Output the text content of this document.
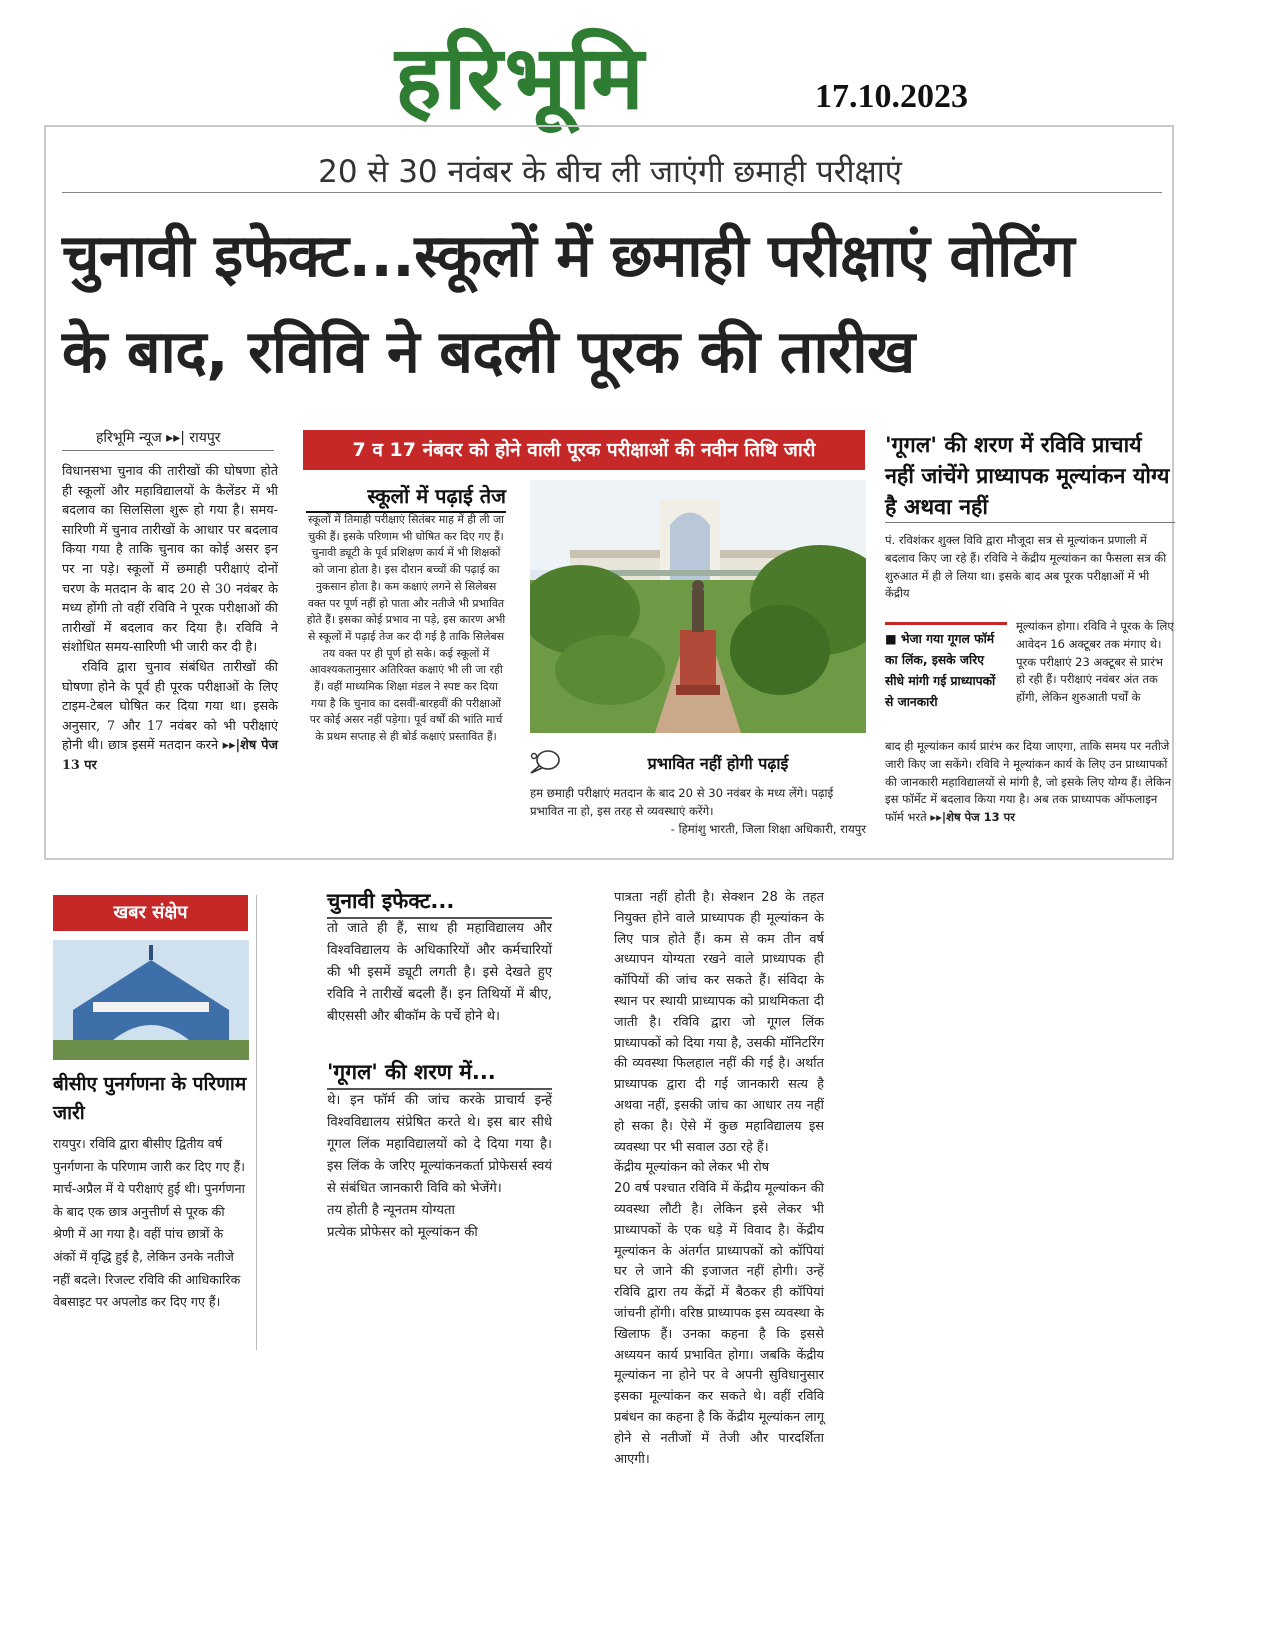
हरिभूमि	17.10.2023
20 से 30 नवंबर के बीच ली जाएंगी छमाही परीक्षाएं
चुनावी इफेक्ट...स्कूलों में छमाही परीक्षाएं वोटिंग
के बाद, रविवि ने बदली पूरक की तारीख
हरिभूमि न्यूज ▸▸| रायपुर
विधानसभा चुनाव की तारीखों की घोषणा होते ही स्कूलों और महाविद्यालयों के कैलेंडर में भी बदलाव का सिलसिला शुरू हो गया है। समय-सारिणी में चुनाव तारीखों के आधार पर बदलाव किया गया है ताकि चुनाव का कोई असर इन पर ना पड़े। स्कूलों में छमाही परीक्षाएं दोनों चरण के मतदान के बाद 20 से 30 नवंबर के मध्य होंगी तो वहीं रविवि ने पूरक परीक्षाओं की तारीखों में बदलाव कर दिया है। रविवि ने संशोधित समय-सारिणी भी जारी कर दी है।
रविवि द्वारा चुनाव संबंधित तारीखों की घोषणा होने के पूर्व ही पूरक परीक्षाओं के लिए टाइम-टेबल घोषित कर दिया गया था। इसके अनुसार, 7 और 17 नवंबर को भी परीक्षाएं होनी थी। छात्र इसमें मतदान करने ▸▸|शेष पेज 13 पर
7 व 17 नंबवर को होने वाली पूरक परीक्षाओं की नवीन तिथि जारी
स्कूलों में पढ़ाई तेज
स्कूलों में तिमाही परीक्षाएं सितंबर माह में ही ली जा चुकी हैं। इसके परिणाम भी घोषित कर दिए गए हैं। चुनावी ड्यूटी के पूर्व प्रशिक्षण कार्य में भी शिक्षकों को जाना होता है। इस दौरान बच्चों की पढ़ाई का नुकसान होता है। कम कक्षाएं लगने से सिलेबस वक्त पर पूर्ण नहीं हो पाता और नतीजे भी प्रभावित होते हैं। इसका कोई प्रभाव ना पड़े, इस कारण अभी से स्कूलों में पढ़ाई तेज कर दी गई है ताकि सिलेबस तय वक्त पर ही पूर्ण हो सके। कई स्कूलों में आवश्यकतानुसार अतिरिक्त कक्षाएं भी ली जा रही हैं। वहीं माध्यमिक शिक्षा मंडल ने स्पष्ट कर दिया गया है कि चुनाव का दसवीं-बारहवीं की परीक्षाओं पर कोई असर नहीं पड़ेगा। पूर्व वर्षों की भांति मार्च के प्रथम सप्ताह से ही बोर्ड कक्षाएं प्रस्तावित हैं।
प्रभावित नहीं होगी पढ़ाई
हम छमाही परीक्षाएं मतदान के बाद 20 से 30 नवंबर के मध्य लेंगे। पढ़ाई प्रभावित ना हो, इस तरह से व्यवस्थाएं करेंगे।
- हिमांशु भारती, जिला शिक्षा अधिकारी, रायपुर
'गूगल' की शरण में रविवि प्राचार्य नहीं जांचेंगे प्राध्यापक मूल्यांकन योग्य है अथवा नहीं
पं. रविशंकर शुक्ल विवि द्वारा मौजूदा सत्र से मूल्यांकन प्रणाली में बदलाव किए जा रहे हैं। रविवि ने केंद्रीय मूल्यांकन का फैसला सत्र की शुरुआत में ही ले लिया था। इसके बाद अब पूरक परीक्षाओं में भी केंद्रीय
■ भेजा गया गूगल फॉर्म का लिंक, इसके जरिए सीधे मांगी गई प्राध्यापकों से जानकारी
मूल्यांकन होगा। रविवि ने पूरक के लिए आवेदन 16 अक्टूबर तक मंगाए थे। पूरक परीक्षाएं 23 अक्टूबर से प्रारंभ हो रही हैं। परीक्षाएं नवंबर अंत तक होंगी, लेकिन शुरुआती पर्चों के
बाद ही मूल्यांकन कार्य प्रारंभ कर दिया जाएगा, ताकि समय पर नतीजे जारी किए जा सकेंगे। रविवि ने मूल्यांकन कार्य के लिए उन प्राध्यापकों की जानकारी महाविद्यालयों से मांगी है, जो इसके लिए योग्य हैं। लेकिन इस फॉर्मेट में बदलाव किया गया है। अब तक प्राध्यापक ऑफलाइन फॉर्म भरते ▸▸|शेष पेज 13 पर
खबर संक्षेप
बीसीए पुनर्गणना के परिणाम जारी
रायपुर। रविवि द्वारा बीसीए द्वितीय वर्ष पुनर्गणना के परिणाम जारी कर दिए गए हैं। मार्च-अप्रैल में ये परीक्षाएं हुई थी। पुनर्गणना के बाद एक छात्र अनुत्तीर्ण से पूरक की श्रेणी में आ गया है। वहीं पांच छात्रों के अंकों में वृद्धि हुई है, लेकिन उनके नतीजे नहीं बदले। रिजल्ट रविवि की आधिकारिक वेबसाइट पर अपलोड कर दिए गए हैं।
चुनावी इफेक्ट...
तो जाते ही हैं, साथ ही महाविद्यालय और विश्वविद्यालय के अधिकारियों और कर्मचारियों की भी इसमें ड्यूटी लगती है। इसे देखते हुए रविवि ने तारीखें बदली हैं। इन तिथियों में बीए, बीएससी और बीकॉम के पर्चे होने थे।
'गूगल' की शरण में...
थे। इन फॉर्म की जांच करके प्राचार्य इन्हें विश्वविद्यालय संप्रेषित करते थे। इस बार सीधे गूगल लिंक महाविद्यालयों को दे दिया गया है। इस लिंक के जरिए मूल्यांकनकर्ता प्रोफेसर्स स्वयं से संबंधित जानकारी विवि को भेजेंगे।
तय होती है न्यूनतम योग्यता
प्रत्येक प्रोफेसर को मूल्यांकन की
पात्रता नहीं होती है। सेक्शन 28 के तहत नियुक्त होने वाले प्राध्यापक ही मूल्यांकन के लिए पात्र होते हैं। कम से कम तीन वर्ष अध्यापन योग्यता रखने वाले प्राध्यापक ही कॉपियों की जांच कर सकते हैं। संविदा के स्थान पर स्थायी प्राध्यापक को प्राथमिकता दी जाती है। रविवि द्वारा जो गूगल लिंक प्राध्यापकों को दिया गया है, उसकी मॉनिटरिंग की व्यवस्था फिलहाल नहीं की गई है। अर्थात प्राध्यापक द्वारा दी गई जानकारी सत्य है अथवा नहीं, इसकी जांच का आधार तय नहीं हो सका है। ऐसे में कुछ महाविद्यालय इस व्यवस्था पर भी सवाल उठा रहे हैं।
केंद्रीय मूल्यांकन को लेकर भी रोष
20 वर्ष पश्चात रविवि में केंद्रीय मूल्यांकन की व्यवस्था लौटी है। लेकिन इसे लेकर भी प्राध्यापकों के एक धड़े में विवाद है। केंद्रीय मूल्यांकन के अंतर्गत प्राध्यापकों को कॉपियां घर ले जाने की इजाजत नहीं होगी। उन्हें रविवि द्वारा तय केंद्रों में बैठकर ही कॉपियां जांचनी होंगी। वरिष्ठ प्राध्यापक इस व्यवस्था के खिलाफ हैं। उनका कहना है कि इससे अध्ययन कार्य प्रभावित होगा। जबकि केंद्रीय मूल्यांकन ना होने पर वे अपनी सुविधानुसार इसका मूल्यांकन कर सकते थे। वहीं रविवि प्रबंधन का कहना है कि केंद्रीय मूल्यांकन लागू होने से नतीजों में तेजी और पारदर्शिता आएगी।
